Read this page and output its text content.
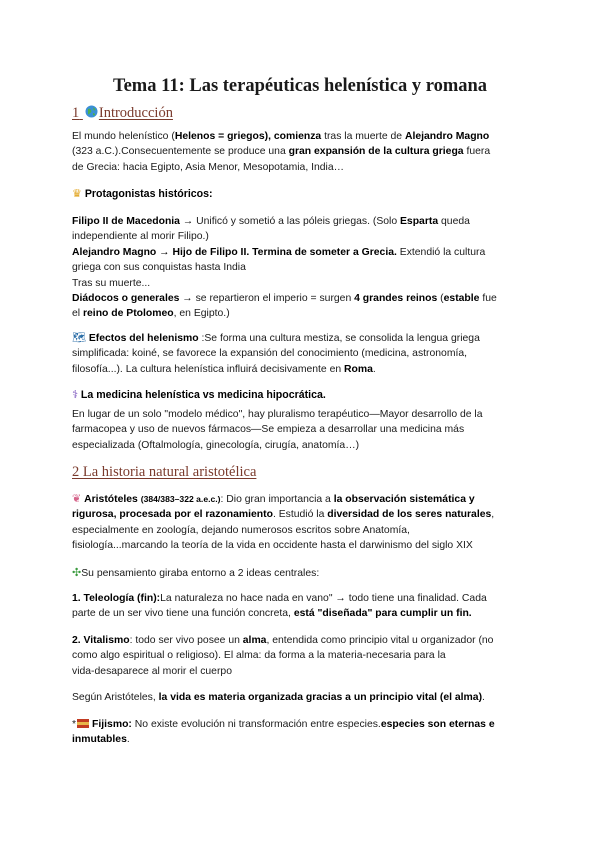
Tema 11: Las terapéuticas helenística y romana
1 Introducción
El mundo helenístico (Helenos = griegos), comienza tras la muerte de Alejandro Magno
(323 a.C.).Consecuentemente se produce una gran expansión de la cultura griega fuera
de Grecia: hacia Egipto, Asia Menor, Mesopotamia, India…
♛ Protagonistas históricos:
Filipo II de Macedonia → Unificó y sometió a las póleis griegas. (Solo Esparta queda
independiente al morir Filipo.)
Alejandro Magno → Hijo de Filipo II. Termina de someter a Grecia. Extendió la cultura
griega con sus conquistas hasta India
Tras su muerte...
Diádocos o generales → se repartieron el imperio = surgen 4 grandes reinos (estable fue
el reino de Ptolomeo, en Egipto.)
🗺 Efectos del helenismo :Se forma una cultura mestiza, se consolida la lengua griega
simplificada: koiné, se favorece la expansión del conocimiento (medicina, astronomía,
filosofía...). La cultura helenística influirá decisivamente en Roma.
⚕ La medicina helenística vs medicina hipocrática.
En lugar de un solo "modelo médico", hay pluralismo terapéutico—Mayor desarrollo de la
farmacopea y uso de nuevos fármacos—Se empieza a desarrollar una medicina más
especializada (Oftalmología, ginecología, cirugía, anatomía…)
2 La historia natural aristotélica
❦ Aristóteles (384/383–322 a.e.c.): Dio gran importancia a la observación sistemática y
rigurosa, procesada por el razonamiento. Estudió la diversidad de los seres naturales,
especialmente en zoología, dejando numerosos escritos sobre Anatomía,
fisiología...marcando la teoría de la vida en occidente hasta el darwinismo del siglo XIX
✣Su pensamiento giraba entorno a 2 ideas centrales:
1. Teleología (fin):La naturaleza no hace nada en vano" → todo tiene una finalidad. Cada
parte de un ser vivo tiene una función concreta, está "diseñada" para cumplir un fin.
2. Vitalismo: todo ser vivo posee un alma, entendida como principio vital u organizador (no
como algo espiritual o religioso). El alma: da forma a la materia-necesaria para la
vida-desaparece al morir el cuerpo
Según Aristóteles, la vida es materia organizada gracias a un principio vital (el alma).
* Fijismo: No existe evolución ni transformación entre especies.especies son eternas e
inmutables.
